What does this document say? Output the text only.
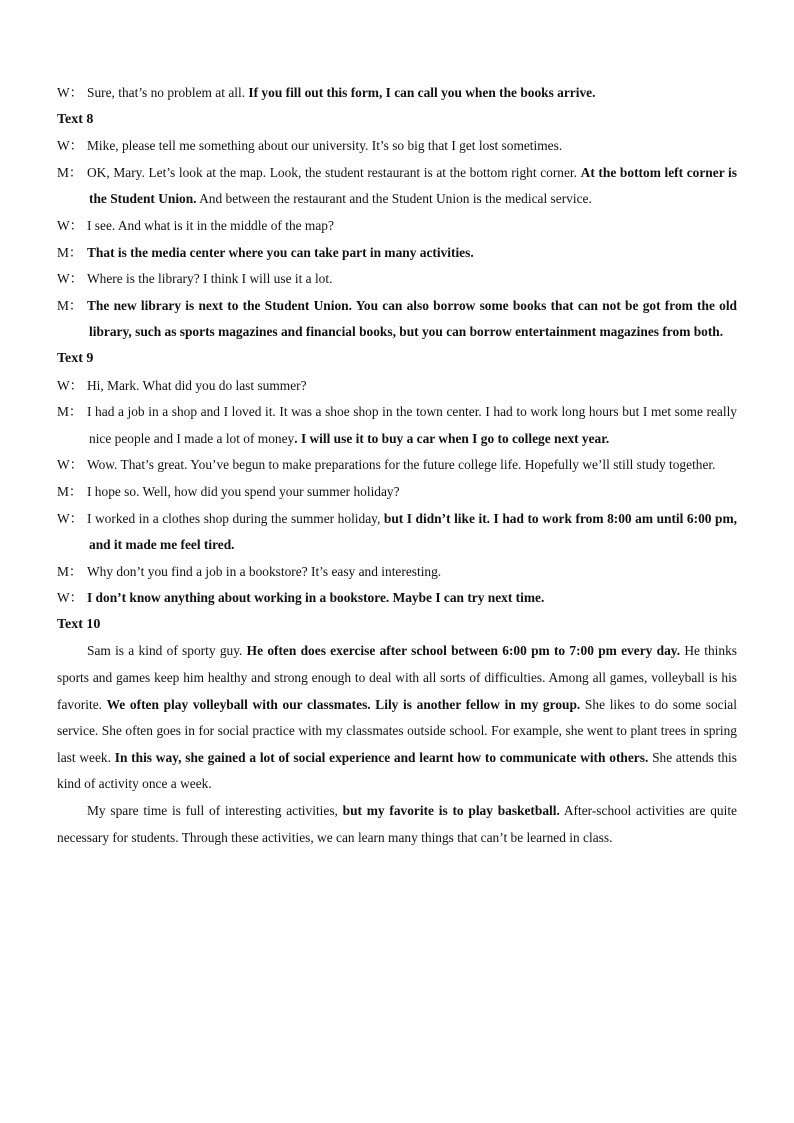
W： Sure, that’s no problem at all. If you fill out this form, I can call you when the books arrive.
Text 8
W： Mike, please tell me something about our university. It’s so big that I get lost sometimes.
M： OK, Mary. Let’s look at the map. Look, the student restaurant is at the bottom right corner. At the bottom left corner is the Student Union. And between the restaurant and the Student Union is the medical service.
W： I see. And what is it in the middle of the map?
M： That is the media center where you can take part in many activities.
W： Where is the library? I think I will use it a lot.
M： The new library is next to the Student Union. You can also borrow some books that can not be got from the old library, such as sports magazines and financial books, but you can borrow entertainment magazines from both.
Text 9
W： Hi, Mark. What did you do last summer?
M： I had a job in a shop and I loved it. It was a shoe shop in the town center. I had to work long hours but I met some really nice people and I made a lot of money. I will use it to buy a car when I go to college next year.
W： Wow. That’s great. You’ve begun to make preparations for the future college life. Hopefully we’ll still study together.
M： I hope so. Well, how did you spend your summer holiday?
W： I worked in a clothes shop during the summer holiday, but I didn’t like it. I had to work from 8:00 am until 6:00 pm, and it made me feel tired.
M： Why don’t you find a job in a bookstore? It’s easy and interesting.
W： I don’t know anything about working in a bookstore. Maybe I can try next time.
Text 10
Sam is a kind of sporty guy. He often does exercise after school between 6:00 pm to 7:00 pm every day. He thinks sports and games keep him healthy and strong enough to deal with all sorts of difficulties. Among all games, volleyball is his favorite. We often play volleyball with our classmates. Lily is another fellow in my group. She likes to do some social service. She often goes in for social practice with my classmates outside school. For example, she went to plant trees in spring last week. In this way, she gained a lot of social experience and learnt how to communicate with others. She attends this kind of activity once a week.
My spare time is full of interesting activities, but my favorite is to play basketball. After-school activities are quite necessary for students. Through these activities, we can learn many things that can’t be learned in class.
